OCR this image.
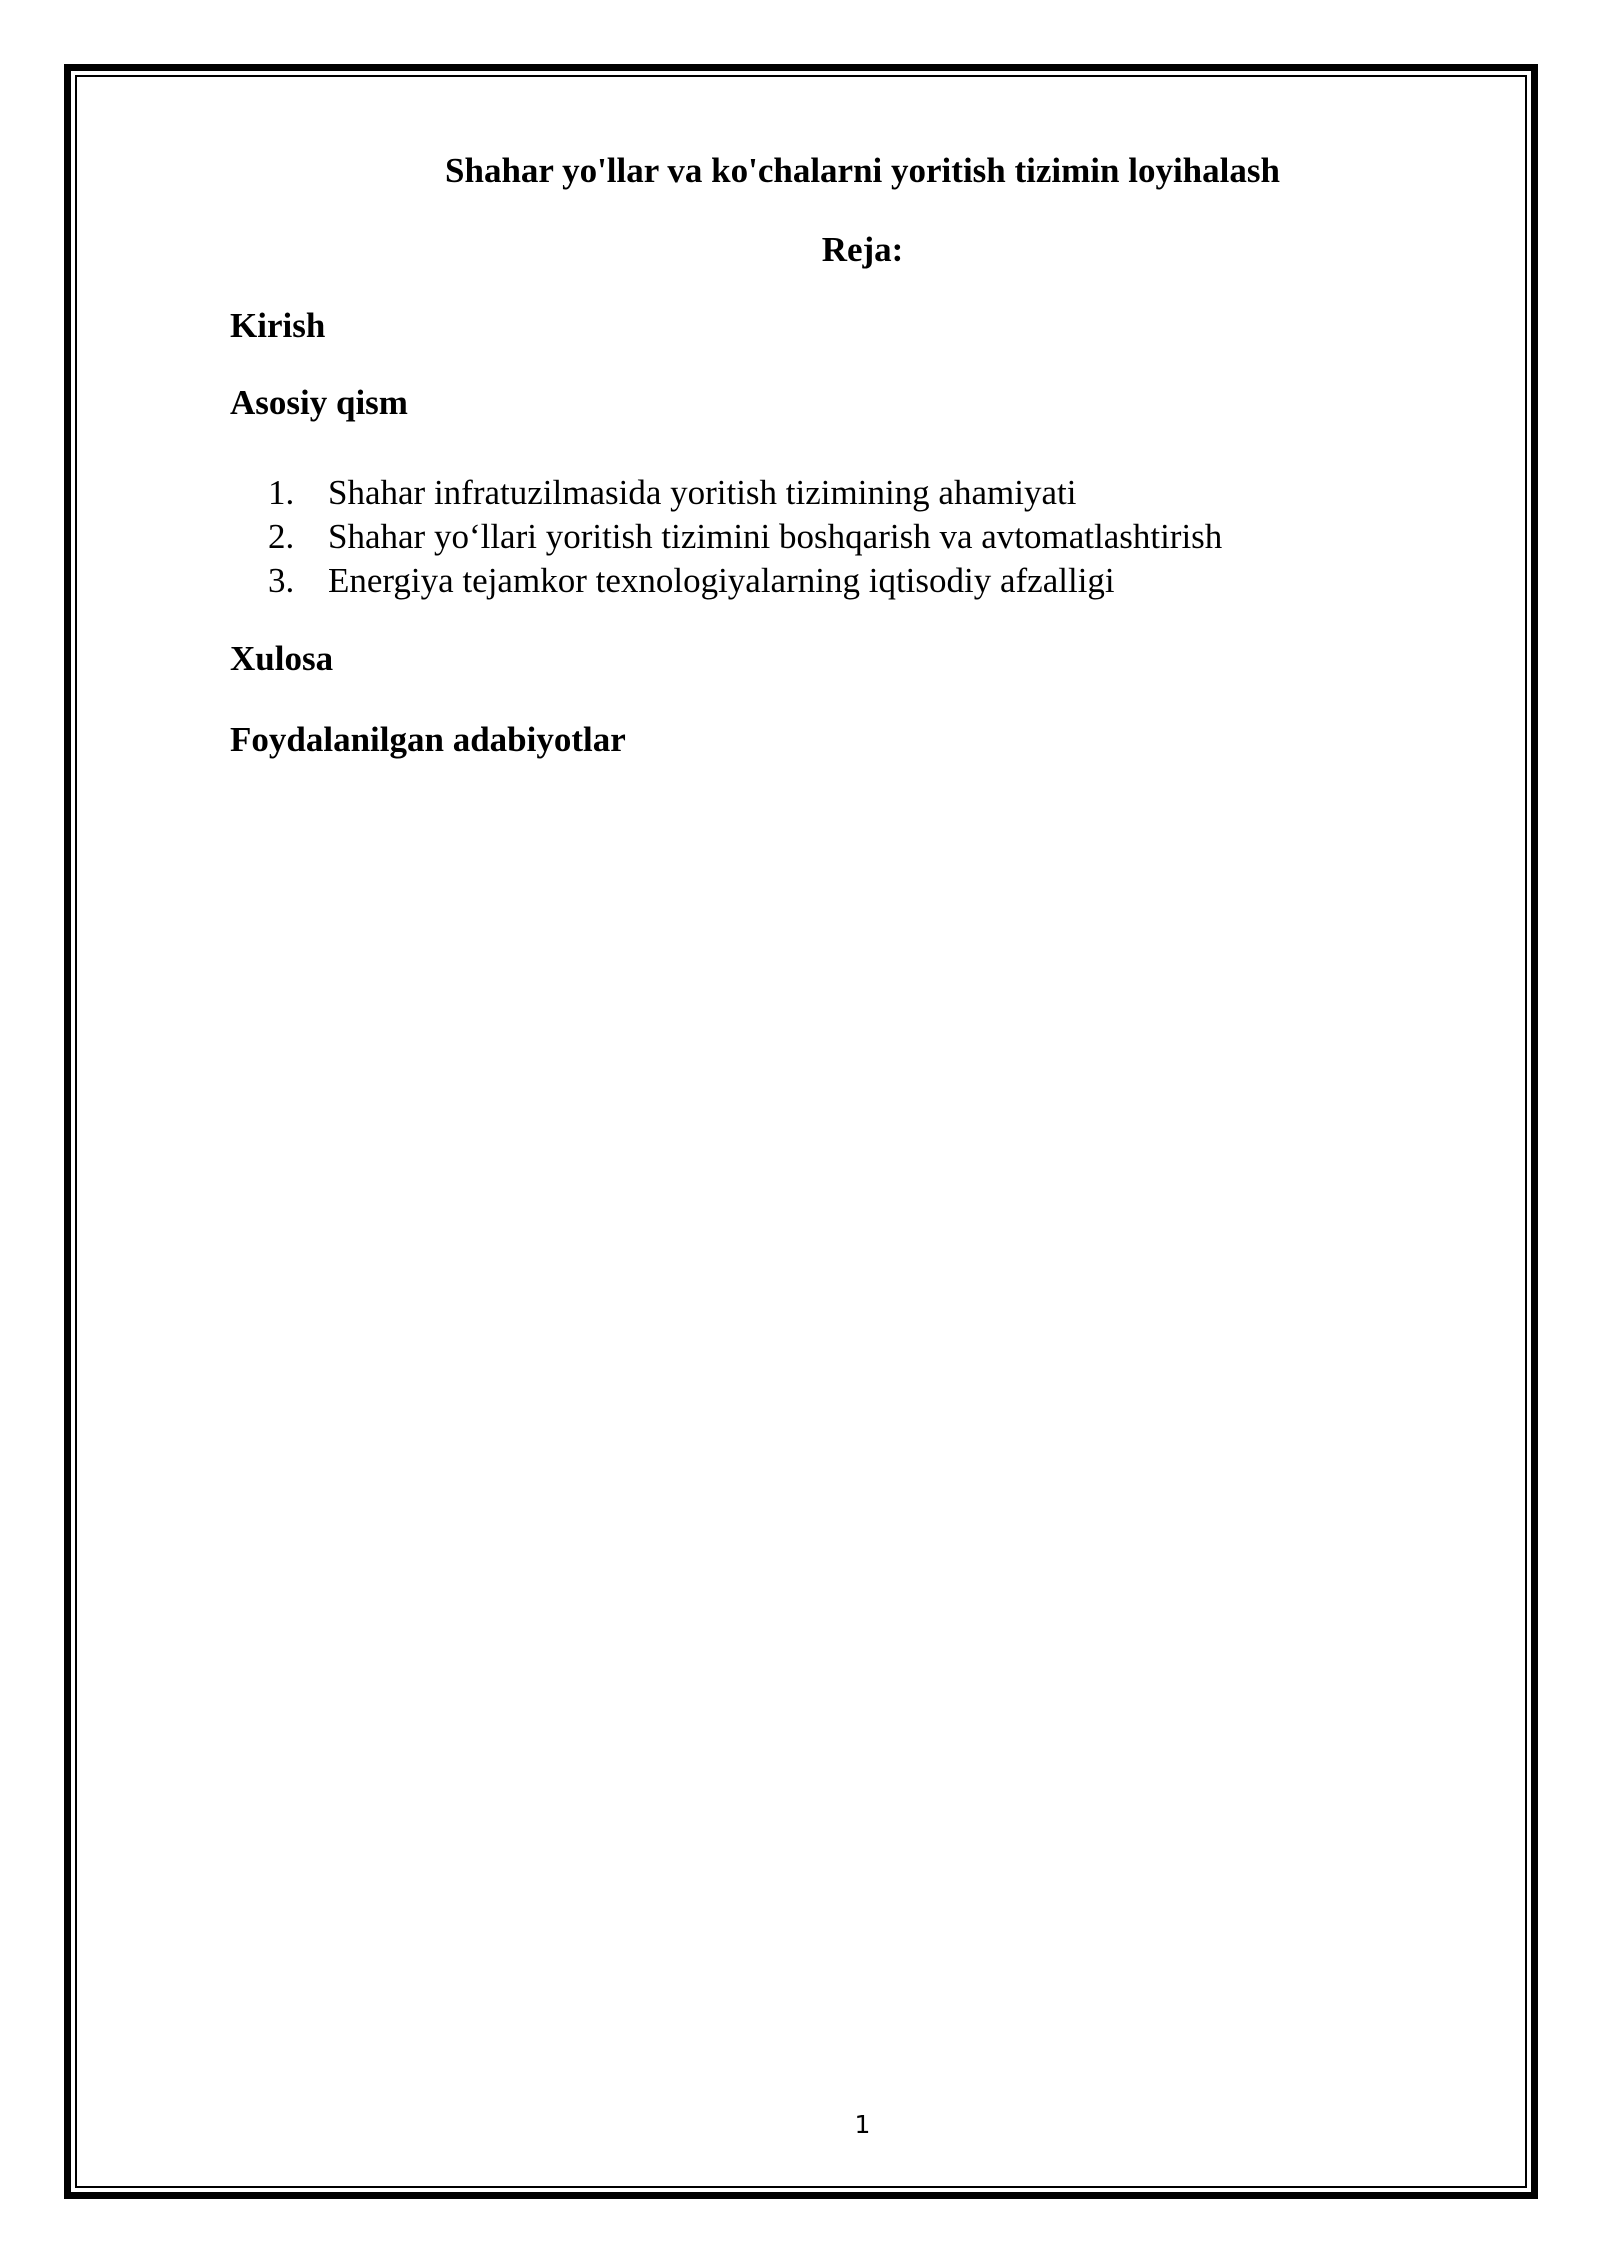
Shahar yo'llar va ko'chalarni yoritish tizimin loyihalash
Reja:
Kirish
Asosiy qism
1. Shahar infratuzilmasida yoritish tizimining ahamiyati
2. Shahar yo‘llari yoritish tizimini boshqarish va avtomatlashtirish
3. Energiya tejamkor texnologiyalarning iqtisodiy afzalligi
Xulosa
Foydalanilgan adabiyotlar
1
